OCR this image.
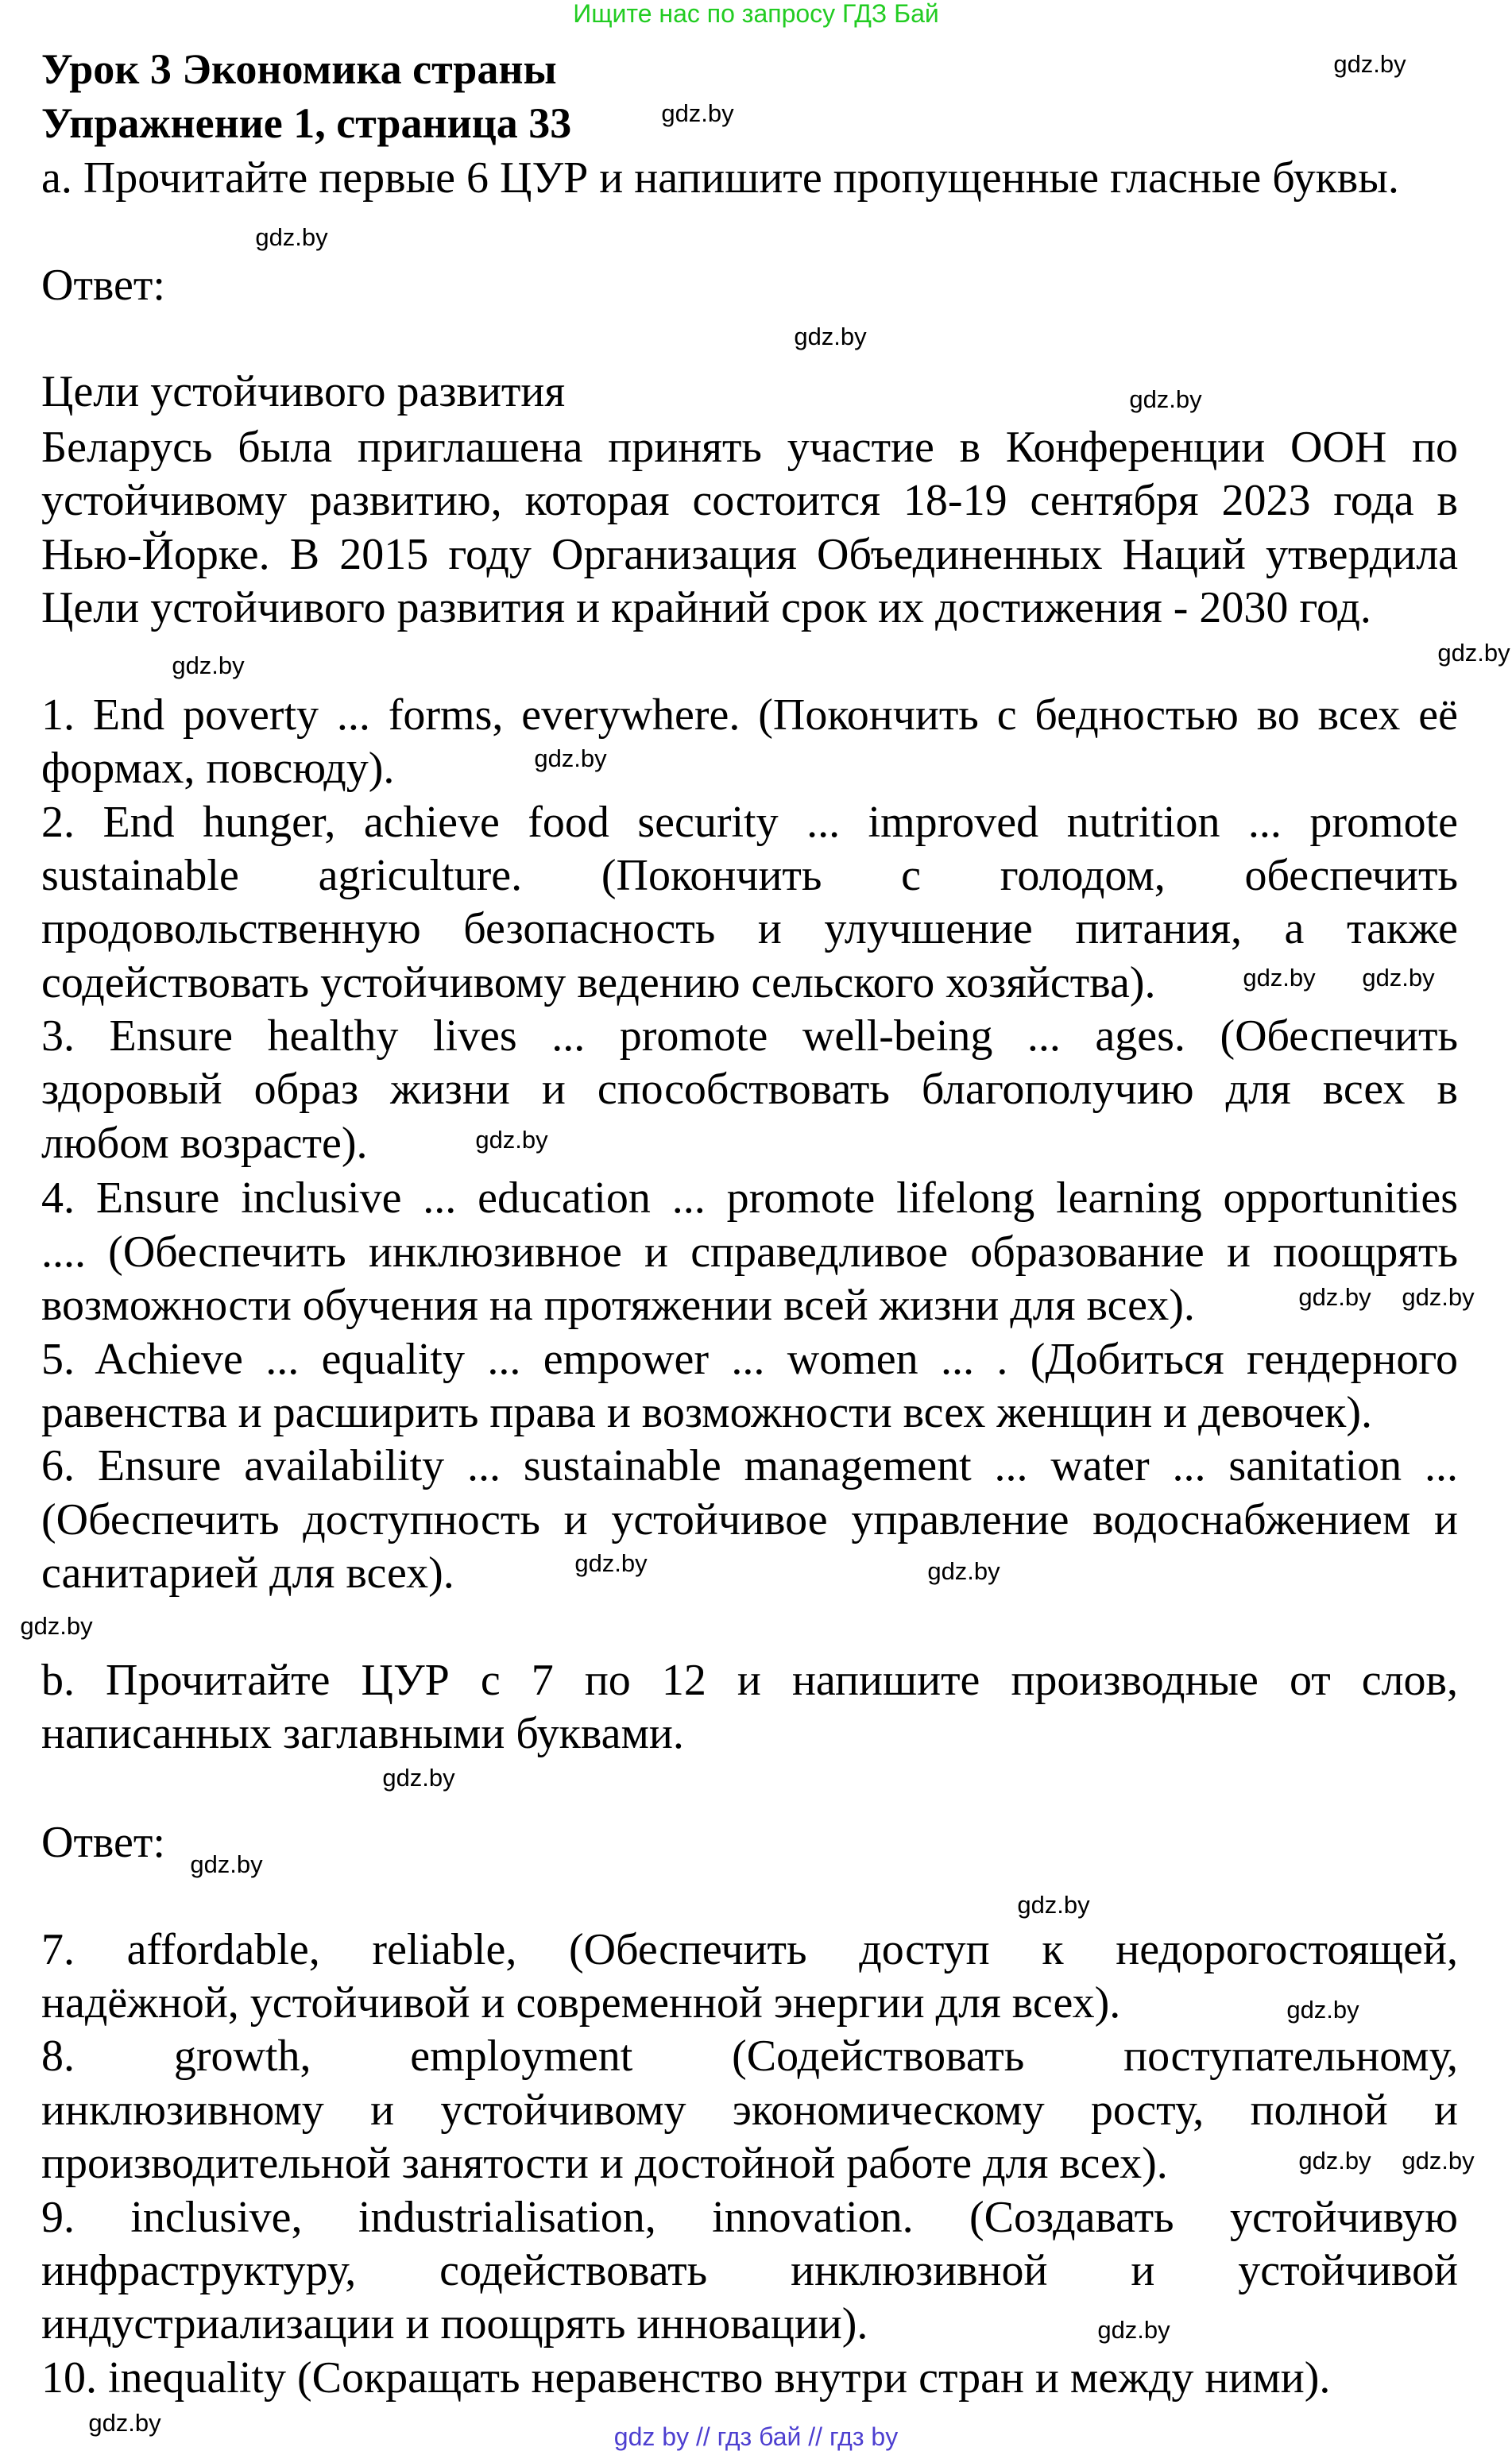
Ищите нас по запросу ГДЗ Бай
Урок 3 Экономика страны
Упражнение 1, страница 33
а. Прочитайте первые 6 ЦУР и напишите пропущенные гласные буквы.
Ответ:
Цели устойчивого развития
Беларусь была приглашена принять участие в Конференции ООН по
устойчивому развитию, которая состоится 18-19 сентября 2023 года в
Нью-Йорке. В 2015 году Организация Объединенных Наций утвердила
Цели устойчивого развития и крайний срок их достижения - 2030 год.
1. End poverty ... forms, everywhere. (Покончить с бедностью во всех её
формах, повсюду).
2. End hunger, achieve food security ... improved nutrition ... promote
sustainable agriculture. (Покончить с голодом, обеспечить
продовольственную безопасность и улучшение питания, а также
содействовать устойчивому ведению сельского хозяйства).
3. Ensure healthy lives ... promote well-being ... ages. (Обеспечить
здоровый образ жизни и способствовать благополучию для всех в
любом возрасте).
4. Ensure inclusive ... education ... promote lifelong learning opportunities
.... (Обеспечить инклюзивное и справедливое образование и поощрять
возможности обучения на протяжении всей жизни для всех).
5. Achieve ... equality ... empower ... women ... . (Добиться гендерного
равенства и расширить права и возможности всех женщин и девочек).
6. Ensure availability ... sustainable management ... water ... sanitation ...
(Обеспечить доступность и устойчивое управление водоснабжением и
санитарией для всех).
b. Прочитайте ЦУР с 7 по 12 и напишите производные от слов,
написанных заглавными буквами.
Ответ:
7. affordable, reliable, (Обеспечить доступ к недорогостоящей,
надёжной, устойчивой и современной энергии для всех).
8. growth, employment (Содействовать поступательному,
инклюзивному и устойчивому экономическому росту, полной и
производительной занятости и достойной работе для всех).
9. inclusive, industrialisation, innovation. (Создавать устойчивую
инфраструктуру, содействовать инклюзивной и устойчивой
индустриализации и поощрять инновации).
10. inequality (Сокращать неравенство внутри стран и между ними).
gdz.by
gdz.by
gdz.by
gdz.by
gdz.by
gdz.by
gdz.by
gdz.by
gdz.by
gdz.by
gdz.by
gdz.by
gdz.by
gdz.by
gdz.by
gdz.by
gdz.by
gdz.by
gdz.by
gdz.by
gdz.by
gdz.by
gdz.by
gdz.by	gdz by // гдз бай // гдз by
